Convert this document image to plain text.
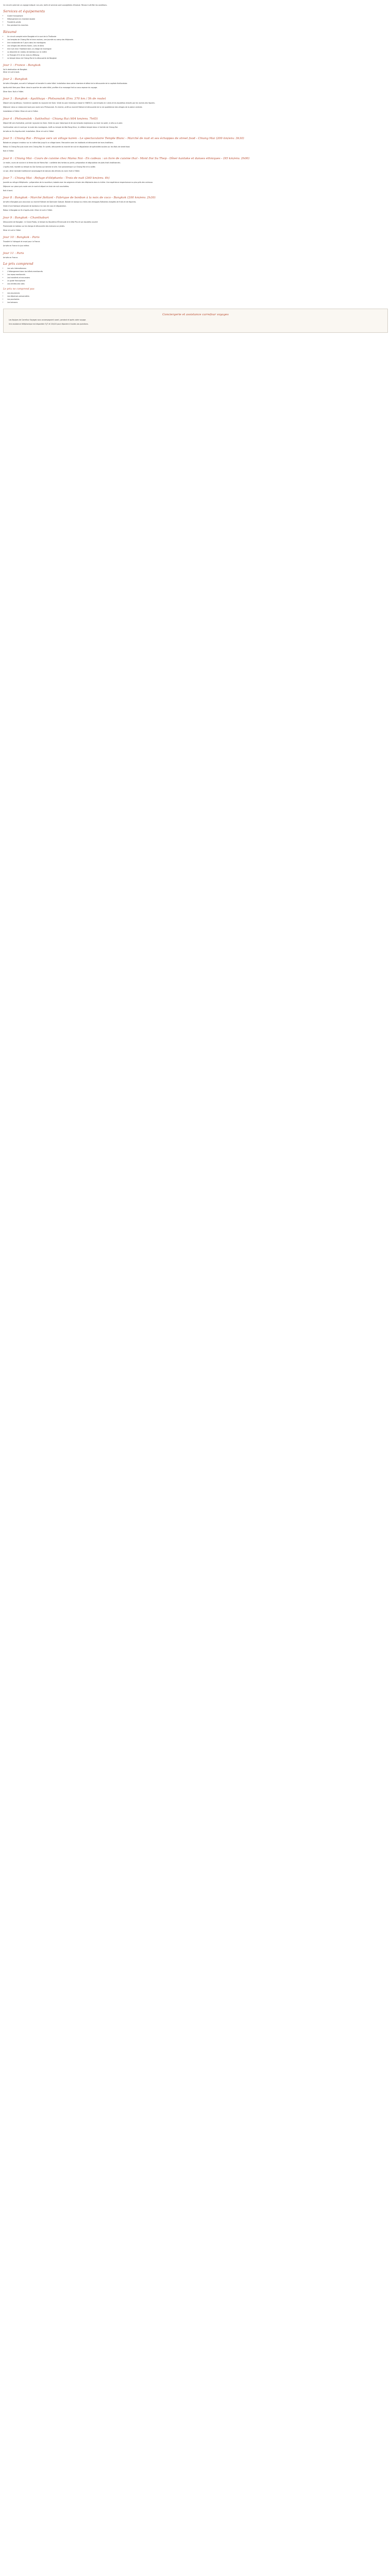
Ce circuit à pied est un voyage indiqué. Les prix, tarifs et services sont susceptibles d'évoluer. Pensez à vérifier les conditions.

Services et équipements
• Guide francophone
• Hébergement en chambre double
• Transferts privés
• Eau pendant les marches
Résumé
• Un circuit complet entre Bangkok et le nord de la Thaïlande
• Les temples de Chiang Mai et leurs moines, une journée au camp des éléphants
• Une randonnée de 3 jours dans les montagnes
• Les villages des ethnies Karen, Lahu et Akha
• Une nuit chez l'habitant dans un village de montagne
• La descente en radeau de bambou sur la rivière
• Le Triangle d'Or et les rives du Mékong
• Le temple blanc de Chiang Rai et la découverte de Bangkok
Jour 1 : France - Bangkok
Vol à destination de Bangkok.
Dîner et nuit à bord.
Jour 2 : Bangkok

Arrivée à Bangkok, accueil à l'aéroport et transfert à votre hôtel. Installation dans votre chambre et début de la découverte de la capitale thaïlandaise.

Après-midi libre pour flâner dans le quartier de votre hôtel, profiter d'un massage thaï ou vous reposer du voyage.

Dîner libre. Nuit à l'hôtel.

Jour 3 : Bangkok - Ayutthaya - Phitsanulok (Env. 370 km / 5h de route)

Départ vers Ayutthaya, l'ancienne capitale du royaume de Siam. Visite du parc historique classé à l'UNESCO, ses temples en ruines et les bouddhas enlacés par les racines des figuiers.

Déjeuner dans un restaurant local puis route vers Phitsanulok. En chemin, arrêt au marché flottant et découverte de la vie quotidienne des villages de la plaine centrale.

Installation à l'hôtel. Dîner et nuit à l'hôtel.

Jour 4 : Phitsanulok - Sukhothai - Chiang Rai (404 km/env. 7h45)

Départ tôt vers Sukhothai, premier royaume du Siam. Visite du parc historique et de ses temples majestueux au lever du soleil, à vélo ou à pied.

Continuation vers le nord par la route des montagnes. Arrêt au temple de Wat Rong Khun, le célèbre temple blanc à l'entrée de Chiang Rai.

Arrivée en fin d'après-midi. Installation. Dîner et nuit à l'hôtel.

Jour 5 : Chiang Rai - Pirogue vers un village karen - Le spectaculaire Temple Blanc - Marché de nuit et ses échoppes de street food - Chiang Mai (200 km/env. 3h30)

Balade en pirogue à moteur sur la rivière Kok jusqu'à un village karen. Rencontre avec les habitants et découverte de leurs traditions.

Retour à Chiang Rai puis route vers Chiang Mai. En soirée, découverte du marché de nuit et dégustation de spécialités locales sur les étals de street food.

Nuit à l'hôtel.

Jour 6 : Chiang Mai - Cours de cuisine chez Mama Noi - En cadeau : un livre de cuisine thaï - Mont Doi Su Thep - Dîner kantoke et danses ethniques - (95 km/env. 2h00)

Le matin, cours de cuisine à la ferme bio de Mama Noi : cueillette des herbes au jardin, préparation et dégustation de plats thaïs traditionnels.

L'après-midi, montée au temple du Doi Suthep qui domine la ville. Vue panoramique sur Chiang Mai et la vallée.

Le soir, dîner kantoke traditionnel accompagné de danses des ethnies du nord. Nuit à l'hôtel.

Jour 7 : Chiang Mai - Refuge d'éléphants - Trois de nuit (260 km/env. 4h)

Journée au refuge d'éléphants : préparation de la nourriture, balade avec les soigneurs et bain des éléphants dans la rivière. Une expérience respectueuse au plus près des animaux.

Déjeuner sur place puis route vers le nord et départ en train de nuit couchettes.

Nuit à bord.

Jour 8 : Bangkok - Marché flottant - Fabrique de bonbon à la noix de coco - Bangkok (200 km/env. 2h30)

Arrivée à Bangkok puis excursion au marché flottant de Damnoen Saduak. Balade en barque au milieu des échoppes flottantes chargées de fruits et de légumes.

Visite d'une fabrique artisanale de bonbons à la noix de coco et dégustation.

Retour à Bangkok en fin d'après-midi. Dîner et nuit à l'hôtel.

Jour 9 : Bangkok - Chanthaburi

Découverte de Bangkok : le Grand Palais, le temple du Bouddha d'Émeraude et le Wat Pho et son bouddha couché.

Promenade en bateau sur les klongs et découverte des maisons sur pilotis.

Dîner et nuit à l'hôtel.

Jour 10 : Bangkok - Paris

Transfert à l'aéroport et envol pour la France.

Arrivée en France le jour même.

Jour 11 : Paris
Arrivée en France.
Le prix comprend
• Les vols internationaux
• L'hébergement dans les hôtels mentionnés
• Les repas mentionnés
• Les transferts et excursions
• Le guide francophone
• Les entrées des sites
Le prix ne comprend pas
• Les assurances
• Les dépenses personnelles
• Les pourboires
• Les boissons
Conciergerie et assistance carrefour voyages

Les équipes de Carrefour Voyages vous accompagnent avant, pendant et après votre voyage.

Une assistance téléphonique est disponible 7j/7 et 24h/24 pour répondre à toutes vos questions.
